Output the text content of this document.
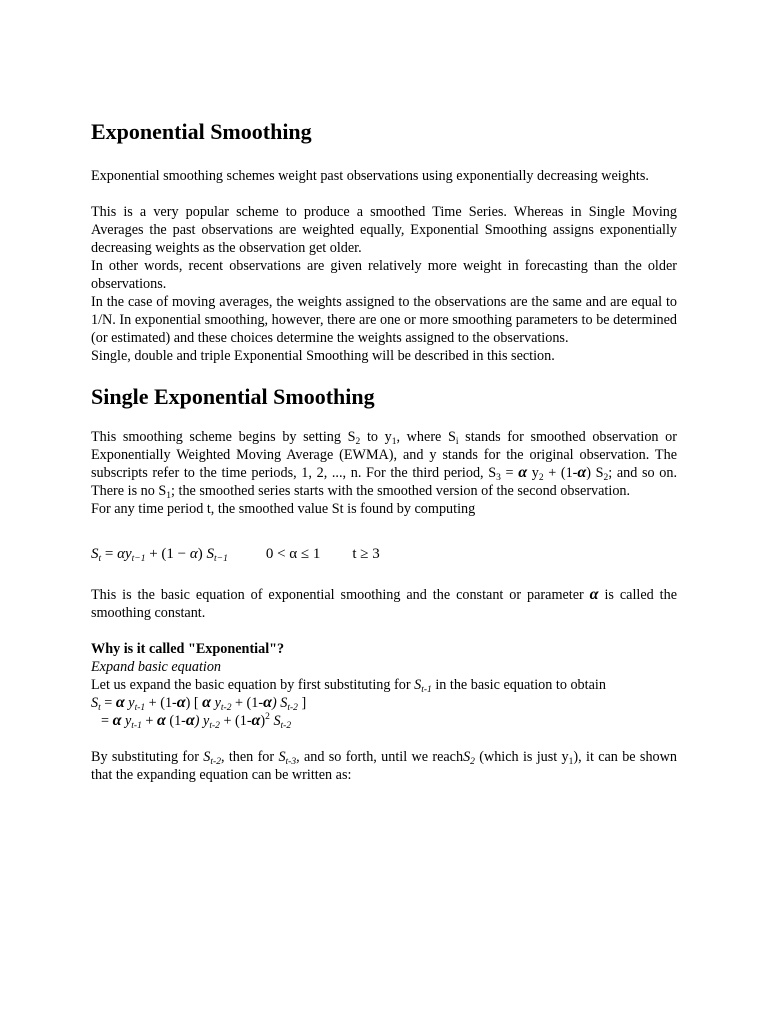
Exponential Smoothing

Exponential smoothing schemes weight past observations using exponentially decreasing weights.

This is a very popular scheme to produce a smoothed Time Series. Whereas in Single Moving Averages the past observations are weighted equally, Exponential Smoothing assigns exponentially decreasing weights as the observation get older.

In other words, recent observations are given relatively more weight in forecasting than the older observations.

In the case of moving averages, the weights assigned to the observations are the same and are equal to 1/N. In exponential smoothing, however, there are one or more smoothing parameters to be determined (or estimated) and these choices determine the weights assigned to the observations.

Single, double and triple Exponential Smoothing will be described in this section.

Single Exponential Smoothing

This smoothing scheme begins by setting $S_2$ to $y_1$, where $S_i$ stands for smoothed observation or Exponentially Weighted Moving Average (EWMA), and y stands for the original observation. The subscripts refer to the time periods, 1, 2, ..., n. For the third period, $S_3 = \alpha$ $y_2 + (1-\alpha)$ $S_2$; and so on. There is no $S_1$; the smoothed series starts with the smoothed version of the second observation.

For any time period t, the smoothed value St is found by computing

$S_t = \alpha y_{t-1} + (1 - \alpha)$ $S_{t-1}$	0 < α ≤ 1 t ≥ 3

This is the basic equation of exponential smoothing and the constant or parameter α is called the smoothing constant.

Why is it called "Exponential"?

Expand basic equation

Let us expand the basic equation by first substituting for $S_{t-1}$ in the basic equation to obtain

$S_t = \alpha$ $y_{t-1} + (1-\alpha)$ [ α $y_{t-2} + (1-\alpha)$ $S_{t-2}$ ]
= α $y_{t-1} + \alpha$ (1-α) $y_{t-2} + (1-\alpha)^2$ $S_{t-2}$

By substituting for $S_{t-2}$, then for $S_{t-3}$, and so forth, until we reachS$_2$ (which is just $y_1$), it can be shown that the expanding equation can be written as:
